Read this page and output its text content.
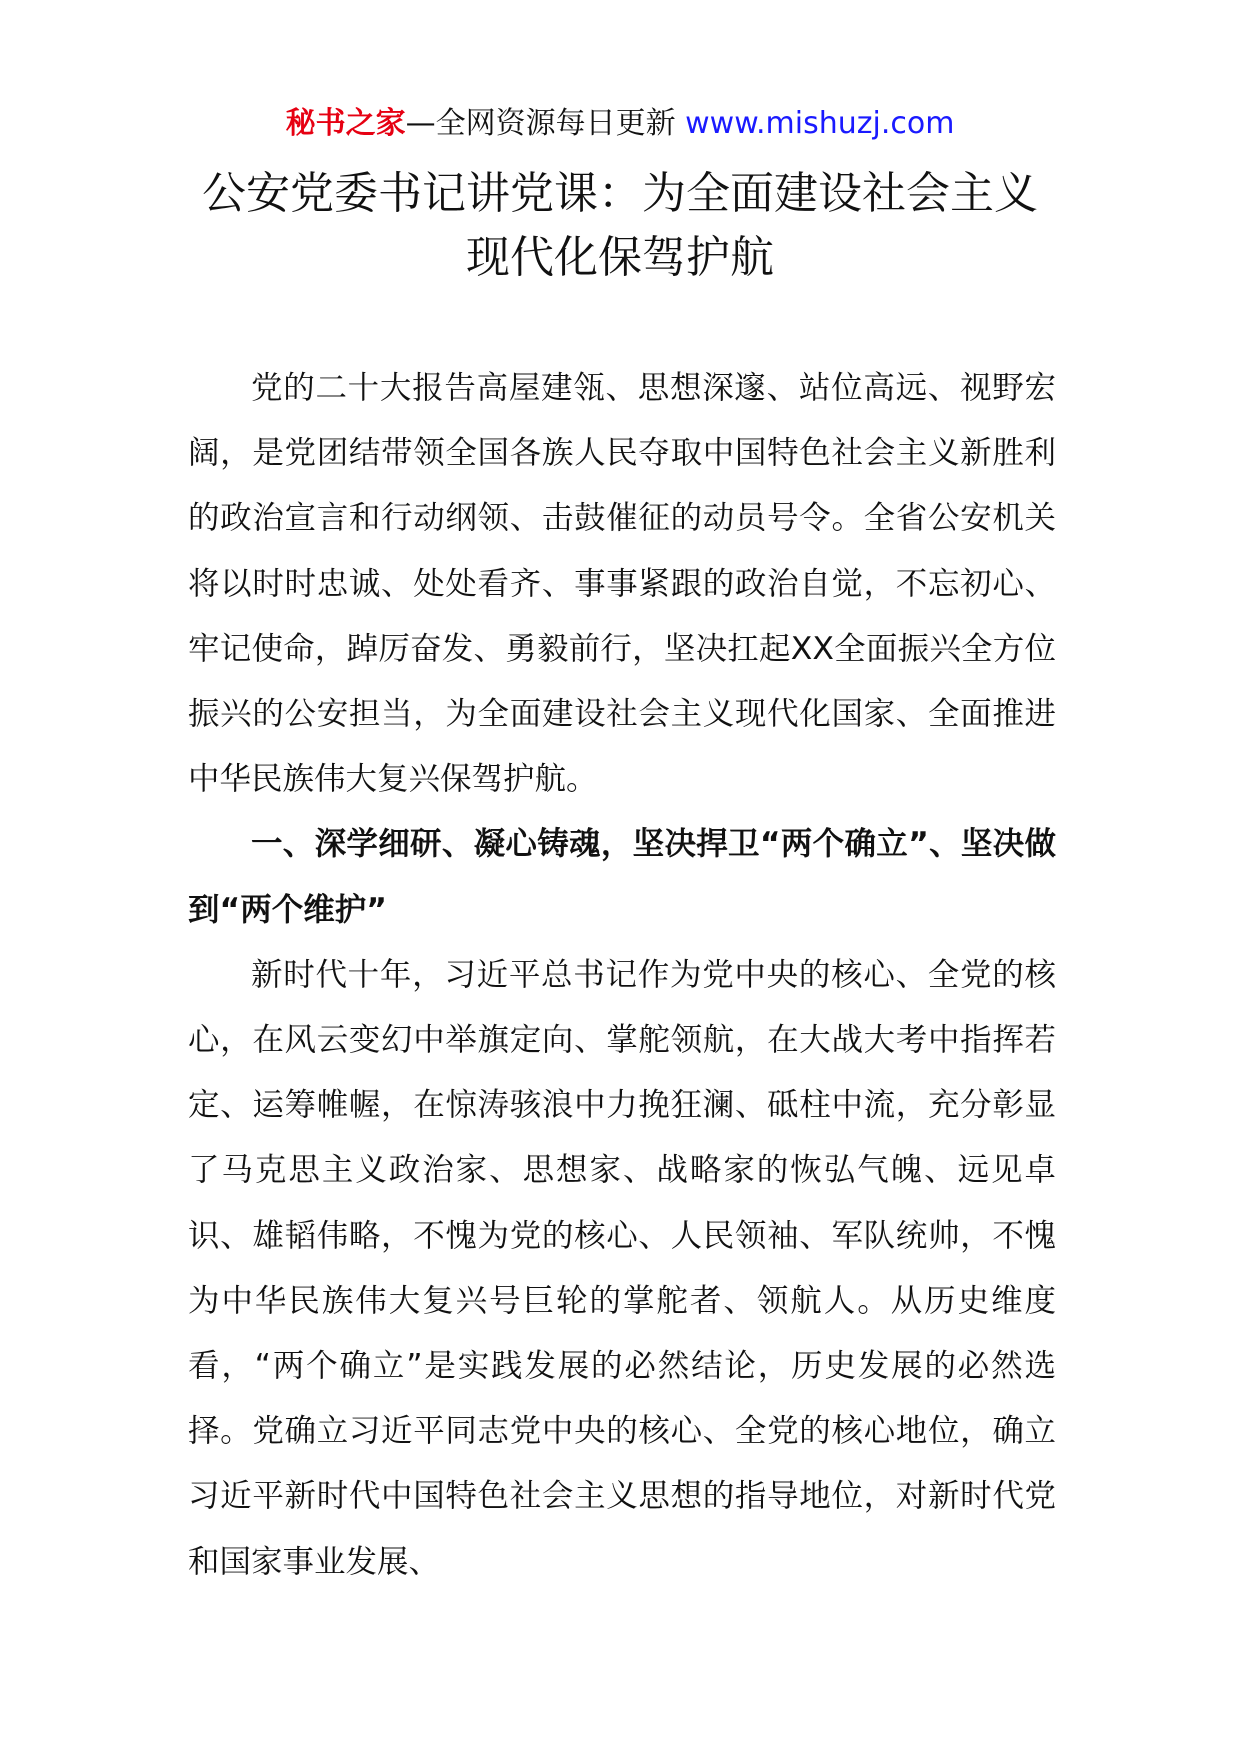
秘书之家—全网资源每日更新 www.mishuzj.com
公安党委书记讲党课：为全面建设社会主义现代化保驾护航

党的二十大报告高屋建瓴、思想深邃、站位高远、视野宏阔，是党团结带领全国各族人民夺取中国特色社会主义新胜利的政治宣言和行动纲领、击鼓催征的动员号令。全省公安机关将以时时忠诚、处处看齐、事事紧跟的政治自觉，不忘初心、牢记使命，踔厉奋发、勇毅前行，坚决扛起XX全面振兴全方位振兴的公安担当，为全面建设社会主义现代化国家、全面推进中华民族伟大复兴保驾护航。

一、深学细研、凝心铸魂，坚决捍卫“两个确立”、坚决做到“两个维护”

新时代十年，习近平总书记作为党中央的核心、全党的核心，在风云变幻中举旗定向、掌舵领航，在大战大考中指挥若定、运筹帷幄，在惊涛骇浪中力挽狂澜、砥柱中流，充分彰显了马克思主义政治家、思想家、战略家的恢弘气魄、远见卓识、雄韬伟略，不愧为党的核心、人民领袖、军队统帅，不愧为中华民族伟大复兴号巨轮的掌舵者、领航人。从历史维度看，“两个确立”是实践发展的必然结论，历史发展的必然选择。党确立习近平同志党中央的核心、全党的核心地位，确立习近平新时代中国特色社会主义思想的指导地位，对新时代党和国家事业发展、
